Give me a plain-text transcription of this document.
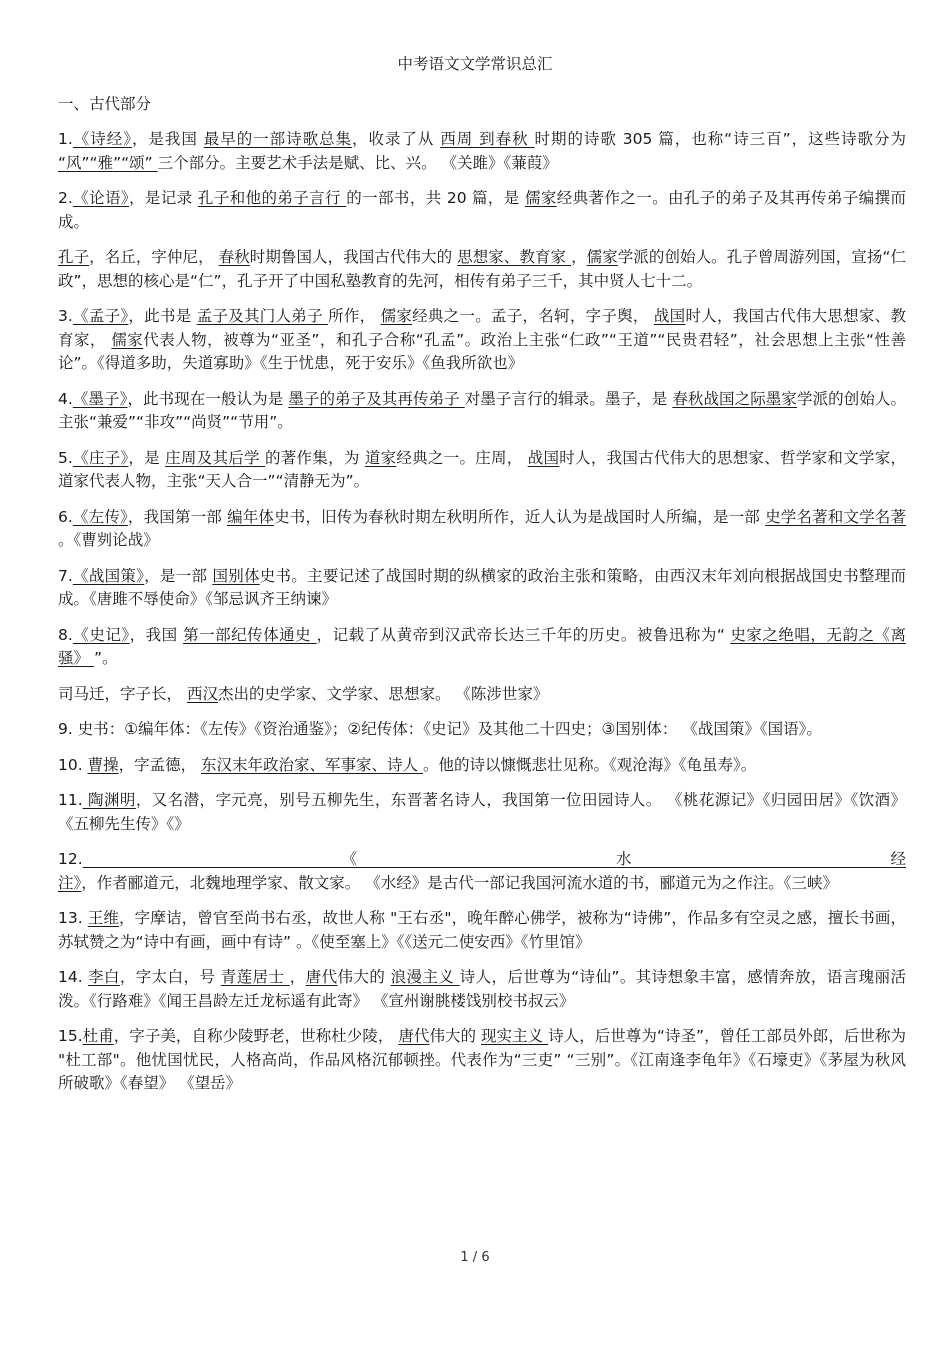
中考语文文学常识总汇
一、古代部分

1.《诗经》，是我国 最早的一部诗歌总集，收录了从 西周 到春秋 时期的诗歌 305 篇，也称“诗三百”，这些诗歌分为 “风”“雅”“颂” 三个部分。主要艺术手法是赋、比、兴。 《关雎》《蒹葭》

2.《论语》，是记录 孔子和他的弟子言行 的一部书，共 20 篇，是 儒家经典著作之一。由孔子的弟子及其再传弟子编撰而成。

孔子，名丘，字仲尼， 春秋时期鲁国人，我国古代伟大的 思想家、教育家 ，儒家学派的创始人。孔子曾周游列国，宣扬“仁政”，思想的核心是“仁”，孔子开了中国私塾教育的先河，相传有弟子三千，其中贤人七十二。

3.《孟子》，此书是 孟子及其门人弟子 所作， 儒家经典之一。孟子，名轲，字子舆， 战国时人，我国古代伟大思想家、教育家， 儒家代表人物，被尊为“亚圣”，和孔子合称“孔孟”。政治上主张“仁政”“王道”“民贵君轻”，社会思想上主张“性善论”。《得道多助，失道寡助》《生于忧患，死于安乐》《鱼我所欲也》

4.《墨子》，此书现在一般认为是 墨子的弟子及其再传弟子 对墨子言行的辑录。墨子，是 春秋战国之际墨家学派的创始人。主张“兼爱”“非攻”“尚贤”“节用”。

5.《庄子》，是 庄周及其后学 的著作集，为 道家经典之一。庄周， 战国时人，我国古代伟大的思想家、哲学家和文学家，道家代表人物，主张“天人合一”“清静无为”。

6.《左传》，我国第一部 编年体史书，旧传为春秋时期左秋明所作，近人认为是战国时人所编，是一部 史学名著和文学名著 。《曹刿论战》

7.《战国策》，是一部 国别体史书。主要记述了战国时期的纵横家的政治主张和策略，由西汉末年刘向根据战国史书整理而成。《唐雎不辱使命》《邹忌讽齐王纳谏》

8.《史记》，我国 第一部纪传体通史 ，记载了从黄帝到汉武帝长达三千年的历史。被鲁迅称为“ 史家之绝唱，无韵之《离骚》 ”。

司马迁，字子长， 西汉杰出的史学家、文学家、思想家。 《陈涉世家》

9. 史书：①编年体：《左传》《资治通鉴》；②纪传体：《史记》及其他二十四史；③国别体： 《战国策》《国语》。

10. 曹操，字孟德， 东汉末年政治家、军事家、诗人 。他的诗以慷慨悲壮见称。《观沧海》《龟虽寿》。

11. 陶渊明，又名潜，字元亮，别号五柳先生，东晋著名诗人，我国第一位田园诗人。 《桃花源记》《归园田居》《饮酒》《五柳先生传》《》

12.《水经注》，作者郦道元，北魏地理学家、散文家。 《水经》是古代一部记我国河流水道的书，郦道元为之作注。《三峡》

13. 王维，字摩诘，曾官至尚书右丞，故世人称 "王右丞"，晚年醉心佛学，被称为“诗佛”，作品多有空灵之感，擅长书画，苏轼赞之为“诗中有画，画中有诗” 。《使至塞上》《《送元二使安西》《竹里馆》

14. 李白，字太白，号 青莲居士 ，唐代伟大的 浪漫主义 诗人，后世尊为“诗仙”。其诗想象丰富，感情奔放，语言瑰丽活泼。《行路难》《闻王昌龄左迁龙标遥有此寄》 《宣州谢朓楼饯别校书叔云》

15.杜甫，字子美，自称少陵野老，世称杜少陵， 唐代伟大的 现实主义 诗人，后世尊为“诗圣”，曾任工部员外郎，后世称为 "杜工部"。他忧国忧民，人格高尚，作品风格沉郁顿挫。代表作为“三吏” “三别”。《江南逢李龟年》《石壕吏》《茅屋为秋风所破歌》《春望》 《望岳》

1 / 6
